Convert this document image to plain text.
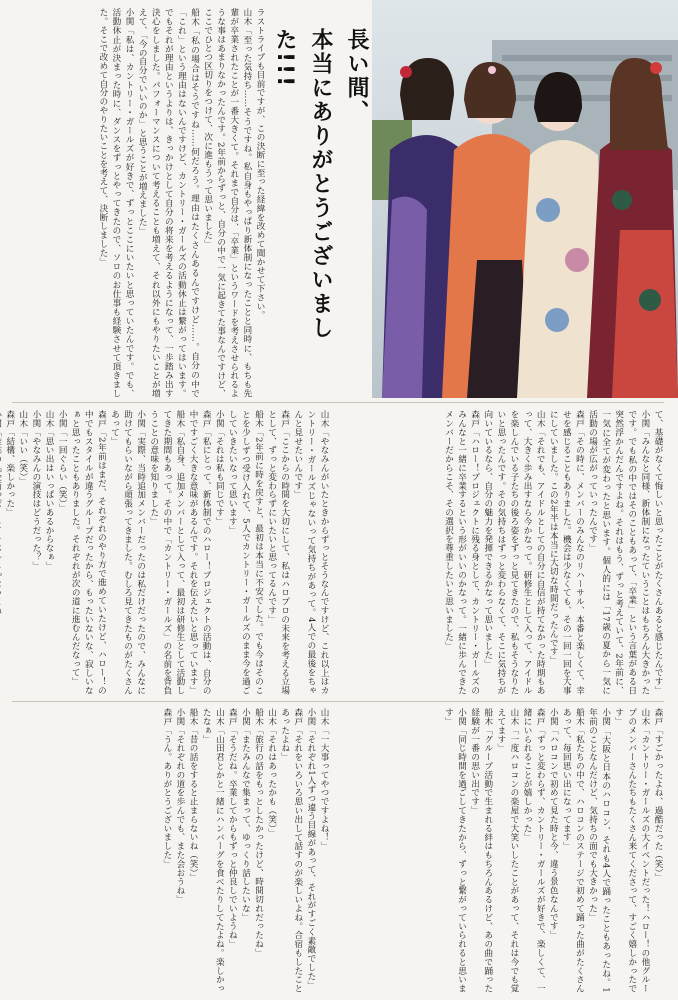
ラストライブも目前ですが、この決断に至った経緯を改めて聞かせて下さい。

山木「至った気持ち……そうですね。私自身もやっぱり新体制になったことと同時に、もちも先輩が卒業されたことが一番大きくて。それまで自分は、「卒業」というワードを考えさせられるような事はあまりなかったんです。2年前からずっと、自分の中で一気に起きてた事なんですけど、ここでひとつ区切りをつけて、次に進もうって思いました」

船木「私の場合はそうですね……何だろう。理由はたくさんあるんですけど……。自分の中で「これ」という理由はないんですけど、カントリー・ガールズの活動休止は繋がってはいます。でもそれが理由というよりは、きっかけとして自分の将来を考えるようになって、一歩踏み出す決心をしました。パフォーマンスについて考えることも増えて、それ以外にもやりたいことが増えて、「今の自分でいいのか」と思うことが増えました」

小関「私は、カントリー・ガールズが好きで、ずっとここにいたいと思っていたんです。でも、活動休止が決まった時に、ダンスをずっとやってきたので、ソロのお仕事も経験させて頂きました。そこで改めて自分のやりたいことを考えて、決断しました」	長い間、
本当にありがとうございました!!!

て、基礎がなくて悔しいと思ったことがたくさんあると感じたんです」

小関「みんなと同様、新体制になったていうことはもちろん大きかったです。でも私の中ではそのこともあって、「卒業」という言葉がある日突然浮かんだんですよね。それはもう、ずっと考えていて、2年前に、一気に全てが変わったと思います。個人的には「17歳の夏から一気に活動の場が広がっていったんです」

森戸「その時に、メンバーのみんなのリハーサル、本番と楽しくて、幸せを感じることもありました。機会は少なくても、その一回一回を大事にしていました。この2年半は本当に大切な時間だったんです」

山木「それでも、アイドルとしての自分に自信が持てなかった時期もあって、大きく歩み出すなら今かなって。研修生として入って、アイドルを楽しんでいる子たちの後ろ姿をずっと見てきたので、私もそうなりたいと思ったんです。その気持ちはずっと変わらなくて、そこに気持ちが向いているなら、自分の魅力を発揮できるかなって思いました」

森戸「ハロー！プロジェクトに残る身として、カントリー・ガールズのみんなと一緒に卒業するという形がいいのかなって。一緒に歩んできたメンバーだからこそ、その選択を尊重したいと思いました」

山木「やなみんがいたときからずっとそうなんですけど、これ以上はカントリー・ガールズじゃないって気持ちがあって。4人での最後をちゃんと見せたいんです」

森戸「ここからの時間を大切にして、私はハロプロの未来を考える立場として、ずっと変わらずにいたいと思ってるんです」

船木「2年前に時を戻すと、最初は本当に不安でした。でも今はそのことを少しずつ受け入れて、5人でカントリー・ガールズのまま今を過ごしていきたいなって思います」

小関「それは私も同じです」

森戸「私にとって、新体制でのハロー！プロジェクトの活動は、自分の中ですごく大きな意味があるんです。それを伝えたいと思っています」

船木「私自身、追加メンバーとして入って、最初は研修生として活動してきた期間もあって。その中で「カントリー・ガールズ」の名前を背負うことの意味を知りました」

小関「実際、当時追加メンバーだったのは私だけだったので、みんなに助けてもらいながら頑張ってきました。むしろ見てきたものがたくさんあって」

森戸「2年前はまだ、それぞれのやり方で進めていたけど、ハロー！の中でもスタイルが違うグループだったから、もったいないな、寂しいなぁと思ったこともありました。それぞれが次の道に進むんだなって」

小関「一回ぐらい（笑）」

山木「思い出はいっぱいあるからなぁ」

小関「やなみんの演技はどうだった？」

山木「いい（笑）」

森戸「結構、楽しかった」

森戸「すごかったよね、過酷だった（笑）」

山木「カントリー・ガールズの大イベントだった！ハロー！の他グループのメンバーさんたちもたくさん来てくださって、すごく嬉しかったです」

小関「大阪と日本のハロコン、それも4人で踊ったこともあったね。1年前のことなんだけど、気持ちの面でも大きかった」

船木「私たちの中で、ハロコンのステージで初めて踊った曲がたくさんあって、毎回思い出になってます」

小関「ハロコンで初めて見た時と今、違う景色なんです」

森戸「ずっと変わらず、カントリー・ガールズが好きで、楽しくて、一緒にいられることが嬉しかった」

山木「一度ハロコンの楽屋で大笑いしたことがあって、それは今でも覚えてます」

船木「グループ活動で生まれる絆はもちろんあるけど、あの曲で踊った経験が一番の思い出です」

小関「同じ時間を過ごしてきたから、ずっと繋がっていられると思います」

山木「一大事ってやつですよね！」

小関「それぞれ1人ずつ違う目線があって、それがすごく素敵でした」

森戸「それをいろいろ思い出して話すのが楽しいよね。合宿もしたことあったよね」

山木「それはあったかも（笑）」

船木「旅行の話をもっとしたかったけど、時間切れだったね」

小関「またみんなで集まって、ゆっくり話したいな」

森戸「そうだね。卒業してからもずっと仲良しでいようね」

山木「山田君とかと一緒にハンバーグを食べたりしてたよね。楽しかったなぁ」

船木「昔の話をすると止まらないね（笑）」

小関「それぞれの道を歩んでも、また会おうね」

森戸「うん。ありがとうございました」
